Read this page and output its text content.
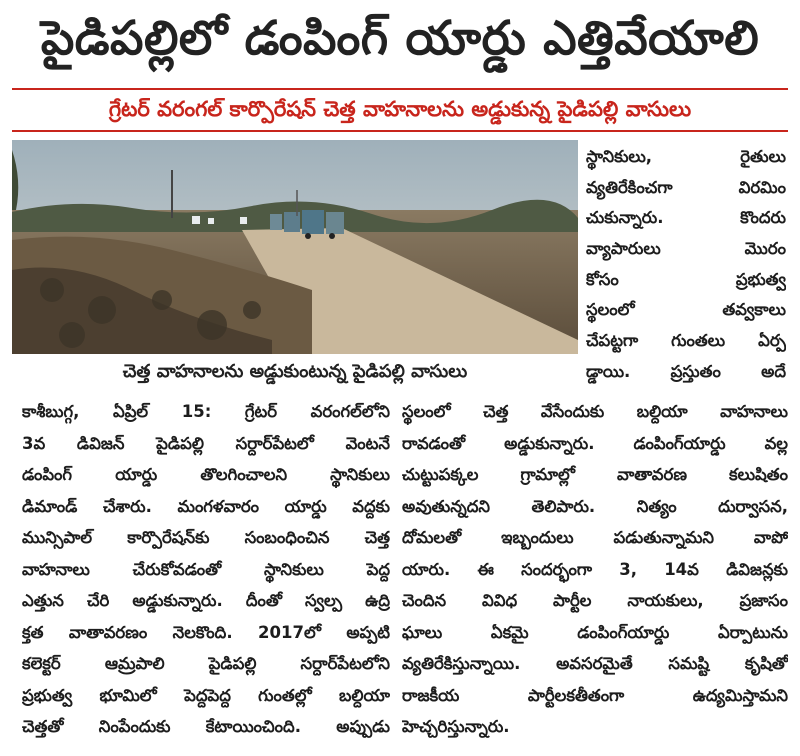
పైడిపల్లిలో డంపింగ్ యార్డు ఎత్తివేయాలి
గ్రేటర్ వరంగల్ కార్పొరేషన్ చెత్త వాహనాలను అడ్డుకున్న పైడిపల్లి వాసులు
చెత్త వాహనాలను అడ్డుకుంటున్న పైడిపల్లి వాసులు
స్థానికులు, రైతులు
వ్యతిరేకించగా విరమిం
చుకున్నారు. కొందరు
వ్యాపారులు మొరం
కోసం ప్రభుత్వ
స్థలంలో తవ్వకాలు
చేపట్టగా గుంతలు ఏర్ప
డ్డాయి. ప్రస్తుతం అదే
కాశీబుగ్గ, ఏప్రిల్ 15: గ్రేటర్ వరంగల్‌లోని
3వ డివిజన్ పైడిపల్లి సర్దార్‌పేటలో వెంటనే
డంపింగ్ యార్డు తొలగించాలని స్థానికులు
డిమాండ్ చేశారు. మంగళవారం యార్డు వద్దకు
మున్సిపాల్ కార్పొరేషన్‌కు సంబంధించిన చెత్త
వాహనాలు చేరుకోవడంతో స్థానికులు పెద్ద
ఎత్తున చేరి అడ్డుకున్నారు. దీంతో స్వల్ప ఉద్రి
క్తత వాతావరణం నెలకొంది. 2017లో అప్పటి
కలెక్టర్ ఆమ్రపాలి పైడిపల్లి సర్దార్‌పేటలోని
ప్రభుత్వ భూమిలో పెద్దపెద్ద గుంతల్లో బల్దియా
చెత్తతో నింపేందుకు కేటాయించింది. అప్పుడు
స్థలంలో చెత్త వేసేందుకు బల్దియా వాహనాలు
రావడంతో అడ్డుకున్నారు. డంపింగ్‌యార్డు వల్ల
చుట్టుపక్కల గ్రామాల్లో వాతావరణ కలుషితం
అవుతున్నదని తెలిపారు. నిత్యం దుర్వాసన,
దోమలతో ఇబ్బందులు పడుతున్నామని వాపో
యారు. ఈ సందర్భంగా 3, 14వ డివిజన్లకు
చెందిన వివిధ పార్టీల నాయకులు, ప్రజాసం
ఘాలు ఏకమై డంపింగ్‌యార్డు ఏర్పాటును
వ్యతిరేకిస్తున్నాయి. అవసరమైతే సమష్టి కృషితో
రాజకీయ పార్టీలకతీతంగా ఉద్యమిస్తామని
హెచ్చరిస్తున్నారు.
